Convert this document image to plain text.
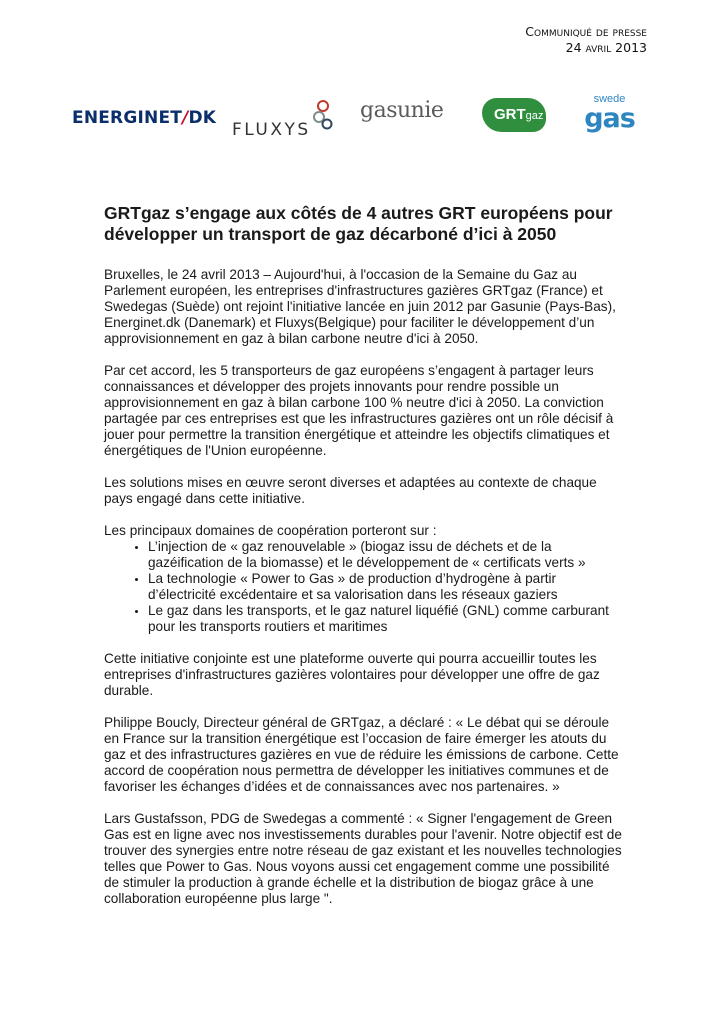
Communiqué de presse
24 avril 2013
ENERGINET/DK
FLUXYS
gasunie	GRTgaz
swede
gas
GRTgaz s’engage aux côtés de 4 autres GRT européens pour développer un transport de gaz décarboné d’ici à 2050

Bruxelles, le 24 avril 2013 – Aujourd'hui, à l'occasion de la Semaine du Gaz au Parlement européen, les entreprises d'infrastructures gazières GRTgaz (France) et Swedegas (Suède) ont rejoint l'initiative lancée en juin 2012 par Gasunie (Pays-Bas), Energinet.dk (Danemark) et Fluxys(Belgique) pour faciliter le développement d’un approvisionnement en gaz à bilan carbone neutre d'ici à 2050.

Par cet accord, les 5 transporteurs de gaz européens s’engagent à partager leurs connaissances et développer des projets innovants pour rendre possible un approvisionnement en gaz à bilan carbone 100 % neutre d'ici à 2050. La conviction partagée par ces entreprises est que les infrastructures gazières ont un rôle décisif à jouer pour permettre la transition énergétique et atteindre les objectifs climatiques et énergétiques de l'Union européenne.

Les solutions mises en œuvre seront diverses et adaptées au contexte de chaque pays engagé dans cette initiative.

Les principaux domaines de coopération porteront sur :

• L’injection de « gaz renouvelable » (biogaz issu de déchets et de la gazéification de la biomasse) et le développement de « certificats verts »
• La technologie « Power to Gas » de production d’hydrogène à partir d’électricité excédentaire et sa valorisation dans les réseaux gaziers
• Le gaz dans les transports, et le gaz naturel liquéfié (GNL) comme carburant pour les transports routiers et maritimes

Cette initiative conjointe est une plateforme ouverte qui pourra accueillir toutes les entreprises d'infrastructures gazières volontaires pour développer une offre de gaz durable.

Philippe Boucly, Directeur général de GRTgaz, a déclaré : « Le débat qui se déroule en France sur la transition énergétique est l’occasion de faire émerger les atouts du gaz et des infrastructures gazières en vue de réduire les émissions de carbone. Cette accord de coopération nous permettra de développer les initiatives communes et de favoriser les échanges d’idées et de connaissances avec nos partenaires. »

Lars Gustafsson, PDG de Swedegas a commenté : « Signer l'engagement de Green Gas est en ligne avec nos investissements durables pour l'avenir. Notre objectif est de trouver des synergies entre notre réseau de gaz existant et les nouvelles technologies telles que Power to Gas. Nous voyons aussi cet engagement comme une possibilité de stimuler la production à grande échelle et la distribution de biogaz grâce à une collaboration européenne plus large ".
